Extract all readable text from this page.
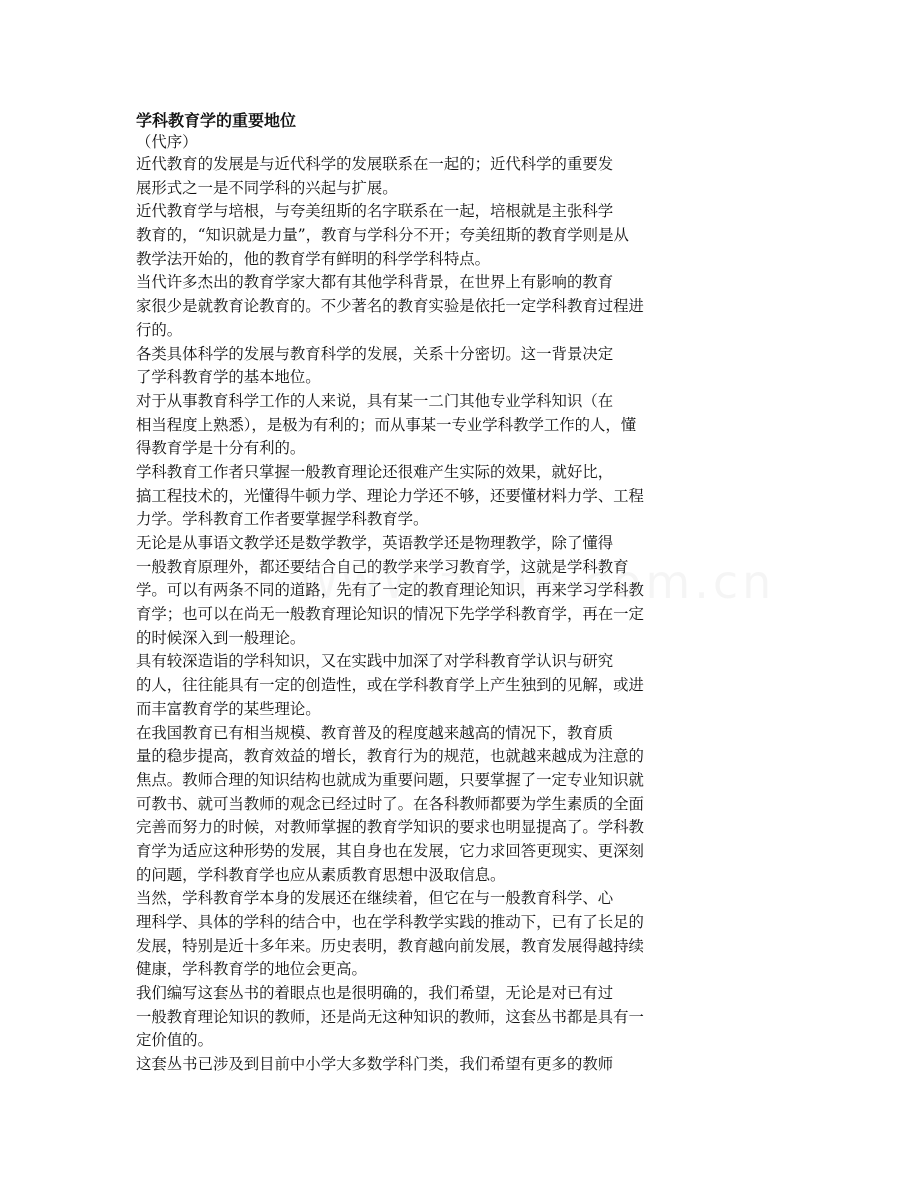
学科教育学的重要地位
（代序）
近代教育的发展是与近代科学的发展联系在一起的；近代科学的重要发
展形式之一是不同学科的兴起与扩展。
近代教育学与培根，与夸美纽斯的名字联系在一起，培根就是主张科学
教育的，“知识就是力量”，教育与学科分不开；夸美纽斯的教育学则是从
教学法开始的，他的教育学有鲜明的科学学科特点。
当代许多杰出的教育学家大都有其他学科背景，在世界上有影响的教育
家很少是就教育论教育的。不少著名的教育实验是依托一定学科教育过程进
行的。
各类具体科学的发展与教育科学的发展，关系十分密切。这一背景决定
了学科教育学的基本地位。
对于从事教育科学工作的人来说，具有某一二门其他专业学科知识（在
相当程度上熟悉），是极为有利的；而从事某一专业学科教学工作的人，懂
得教育学是十分有利的。
学科教育工作者只掌握一般教育理论还很难产生实际的效果，就好比，
搞工程技术的，光懂得牛顿力学、理论力学还不够，还要懂材料力学、工程
力学。学科教育工作者要掌握学科教育学。
无论是从事语文教学还是数学教学，英语教学还是物理教学，除了懂得
一般教育原理外，都还要结合自己的教学来学习教育学，这就是学科教育
学。可以有两条不同的道路，先有了一定的教育理论知识，再来学习学科教
育学；也可以在尚无一般教育理论知识的情况下先学学科教育学，再在一定
的时候深入到一般理论。
具有较深造诣的学科知识，又在实践中加深了对学科教育学认识与研究
的人，往往能具有一定的创造性，或在学科教育学上产生独到的见解，或进
而丰富教育学的某些理论。
在我国教育已有相当规模、教育普及的程度越来越高的情况下，教育质
量的稳步提高，教育效益的增长，教育行为的规范，也就越来越成为注意的
焦点。教师合理的知识结构也就成为重要问题，只要掌握了一定专业知识就
可教书、就可当教师的观念已经过时了。在各科教师都要为学生素质的全面
完善而努力的时候，对教师掌握的教育学知识的要求也明显提高了。学科教
育学为适应这种形势的发展，其自身也在发展，它力求回答更现实、更深刻
的问题，学科教育学也应从素质教育思想中汲取信息。
当然，学科教育学本身的发展还在继续着，但它在与一般教育科学、心
理科学、具体的学科的结合中，也在学科教学实践的推动下，已有了长足的
发展，特别是近十多年来。历史表明，教育越向前发展，教育发展得越持续
健康，学科教育学的地位会更高。
我们编写这套丛书的着眼点也是很明确的，我们希望，无论是对已有过
一般教育理论知识的教师，还是尚无这种知识的教师，这套丛书都是具有一
定价值的。
这套丛书已涉及到目前中小学大多数学科门类，我们希望有更多的教师
